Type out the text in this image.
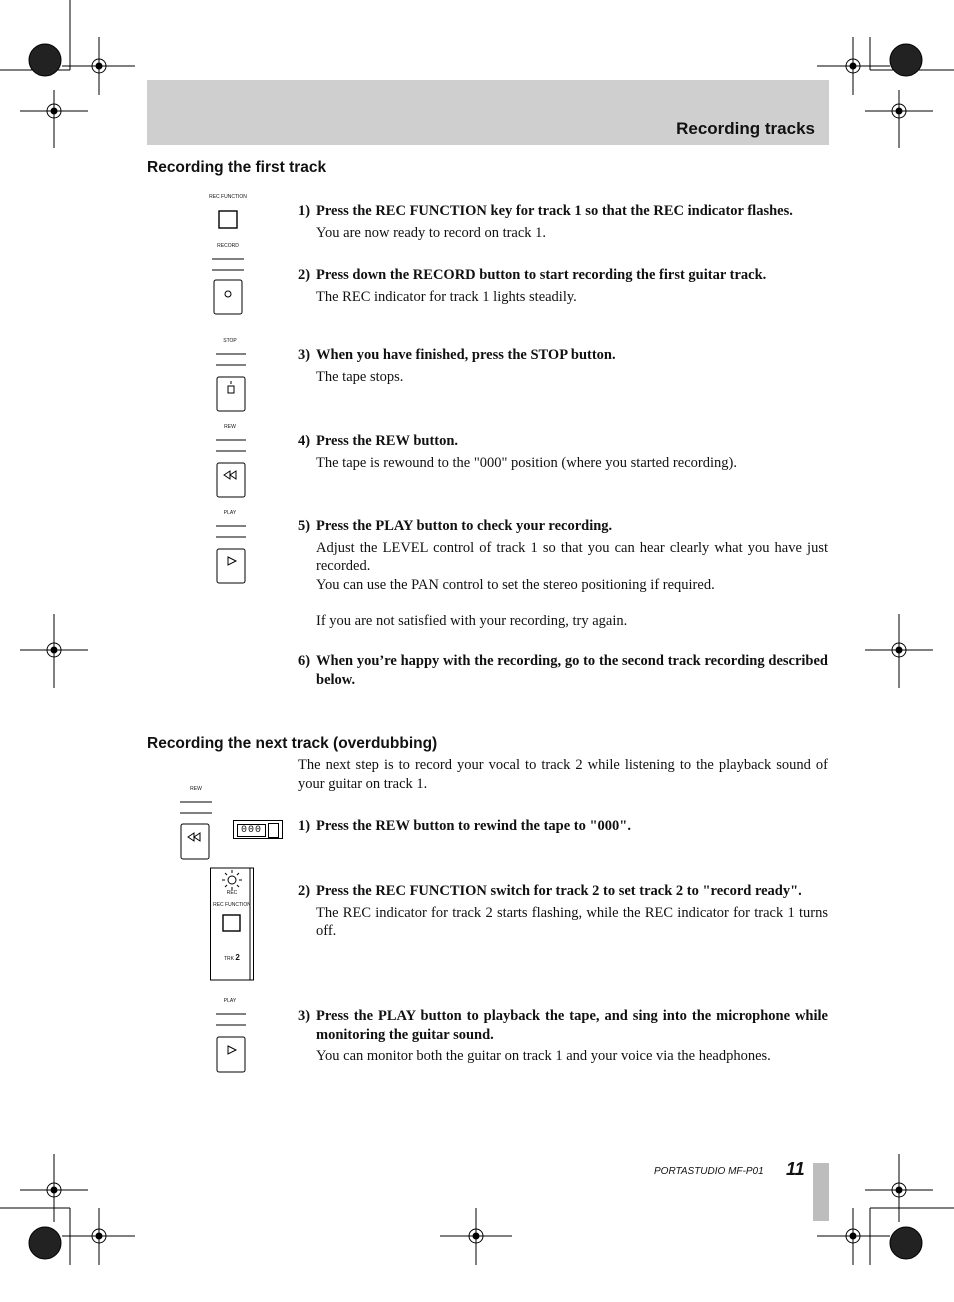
Recording tracks
Recording the first track
REC FUNCTION
RECORD
STOP
REW
PLAY
1) Press the REC FUNCTION key for track 1 so that the REC indicator flashes.
You are now ready to record on track 1.
2) Press down the RECORD button to start recording the first guitar track.
The REC indicator for track 1 lights steadily.
3) When you have finished, press the STOP button.
The tape stops.
4) Press the REW button.
The tape is rewound to the "000" position (where you started recording).
5) Press the PLAY button to check your recording.
Adjust the LEVEL control of track 1 so that you can hear clearly what you have just recorded.
You can use the PAN control to set the stereo positioning if required.
If you are not satisfied with your recording, try again.
6) When you’re happy with the recording, go to the second track recording described below.
Recording the next track (overdubbing)
The next step is to record your vocal to track 2 while listening to the playback sound of your guitar on track 1.
REW
000
REC
REC FUNCTION
TRK 2
PLAY
1) Press the REW button to rewind the tape to "000".
2) Press the REC FUNCTION switch for track 2 to set track 2 to "record ready".
The REC indicator for track 2 starts flashing, while the REC indicator for track 1 turns off.
3) Press the PLAY button to playback the tape, and sing into the microphone while monitoring the guitar sound.
You can monitor both the guitar on track 1 and your voice via the headphones.
PORTASTUDIO MF-P01 11
